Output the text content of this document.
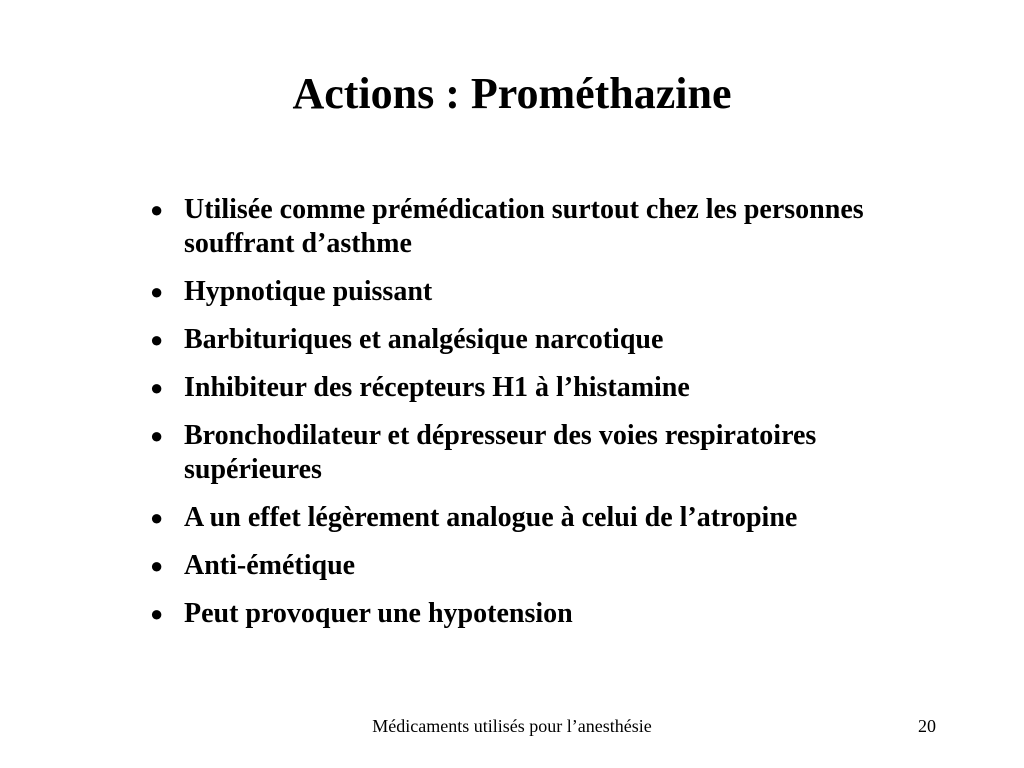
Actions : Prométhazine
● Utilisée comme prémédication surtout chez les personnes souffrant d’asthme
● Hypnotique puissant
● Barbituriques et analgésique narcotique
● Inhibiteur des récepteurs H1 à l’histamine
● Bronchodilateur et dépresseur des voies respiratoires supérieures
● A un effet légèrement analogue à celui de l’atropine
● Anti-émétique
● Peut provoquer une hypotension
Médicaments utilisés pour l’anesthésie	20
